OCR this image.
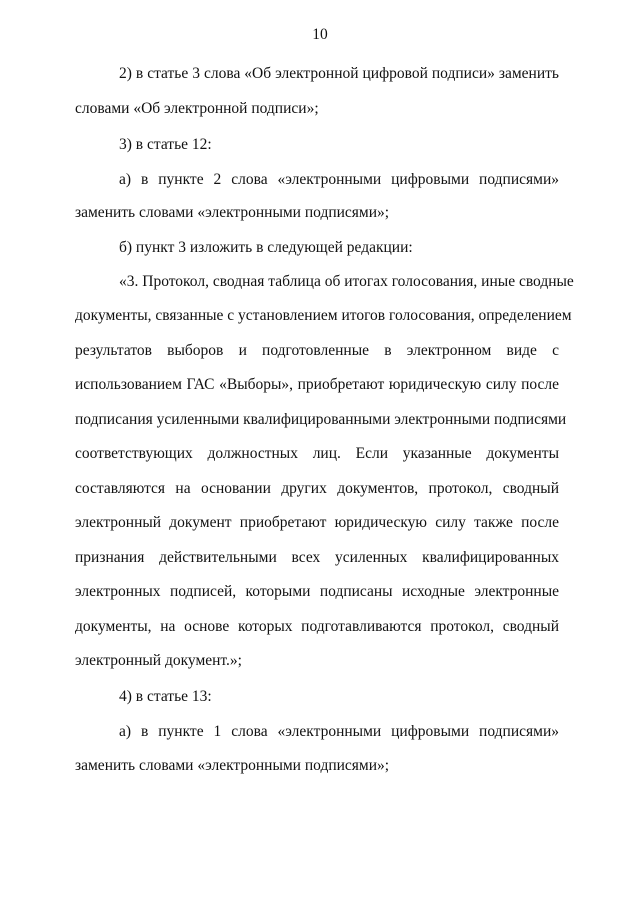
10
2) в статье 3 слова «Об электронной цифровой подписи» заменить
словами «Об электронной подписи»;
3) в статье 12:
а) в пункте 2 слова «электронными цифровыми подписями»
заменить словами «электронными подписями»;
б) пункт 3 изложить в следующей редакции:
«3. Протокол, сводная таблица об итогах голосования, иные сводные
документы, связанные с установлением итогов голосования, определением
результатов выборов и подготовленные в электронном виде с
использованием ГАС «Выборы», приобретают юридическую силу после
подписания усиленными квалифицированными электронными подписями
соответствующих должностных лиц. Если указанные документы
составляются на основании других документов, протокол, сводный
электронный документ приобретают юридическую силу также после
признания действительными всех усиленных квалифицированных
электронных подписей, которыми подписаны исходные электронные
документы, на основе которых подготавливаются протокол, сводный
электронный документ.»;
4) в статье 13:
а) в пункте 1 слова «электронными цифровыми подписями»
заменить словами «электронными подписями»;
